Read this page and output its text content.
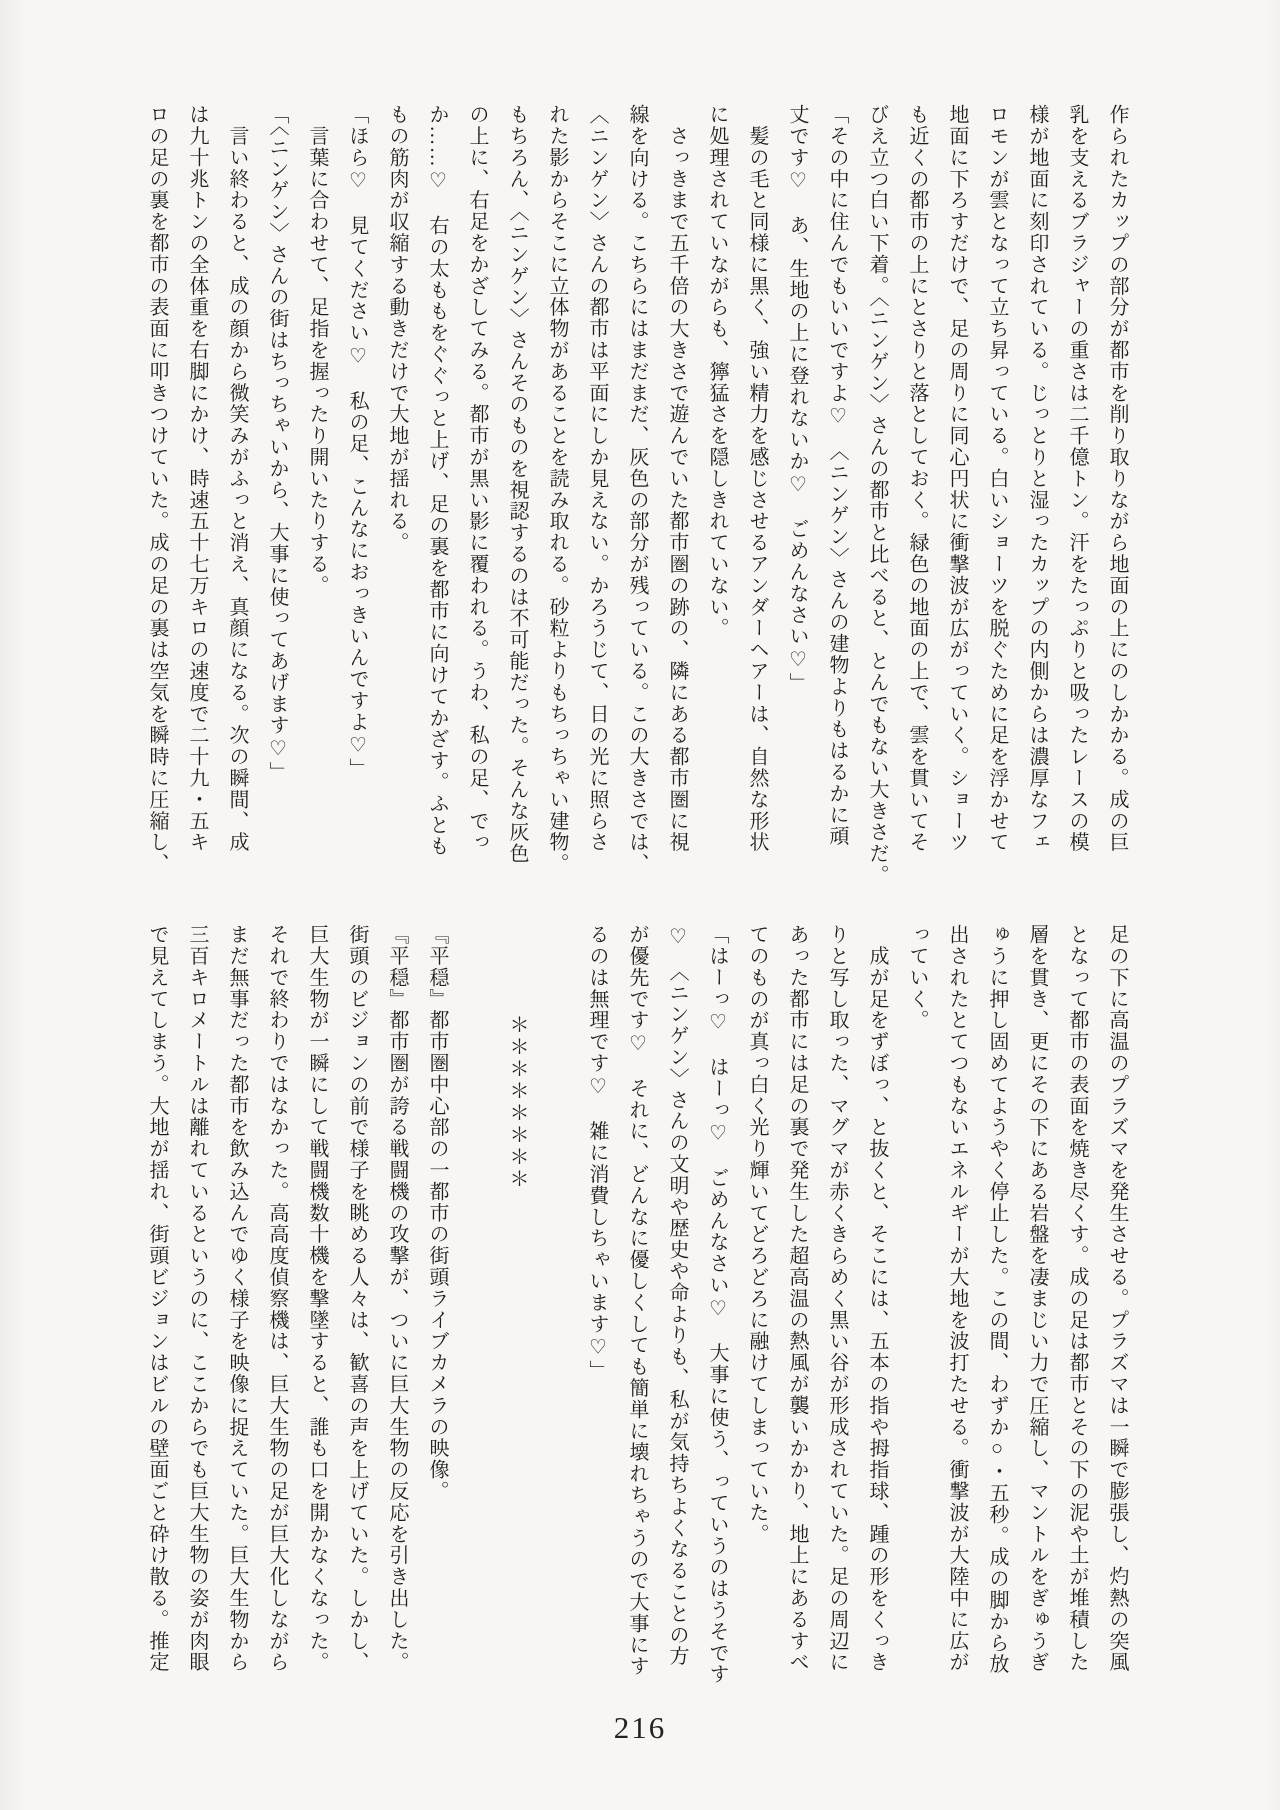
作られたカップの部分が都市を削り取りながら地面の上にのしかかる。成の巨
乳を支えるブラジャーの重さは二千億トン。汗をたっぷりと吸ったレースの模
様が地面に刻印されている。じっとりと湿ったカップの内側からは濃厚なフェ
ロモンが雲となって立ち昇っている。白いショーツを脱ぐために足を浮かせて
地面に下ろすだけで、足の周りに同心円状に衝撃波が広がっていく。ショーツ
も近くの都市の上にとさりと落としておく。緑色の地面の上で、雲を貫いてそ
びえ立つ白い下着。〈ニンゲン〉さんの都市と比べると、とんでもない大きさだ。
「その中に住んでもいいですよ♡　〈ニンゲン〉さんの建物よりもはるかに頑
丈です♡　あ、生地の上に登れないか♡　ごめんなさい♡」
　髪の毛と同様に黒く、強い精力を感じさせるアンダーヘアーは、自然な形状
に処理されていながらも、獰猛さを隠しきれていない。
　さっきまで五千倍の大きさで遊んでいた都市圏の跡の、隣にある都市圏に視
線を向ける。こちらにはまだまだ、灰色の部分が残っている。この大きさでは、
〈ニンゲン〉さんの都市は平面にしか見えない。かろうじて、日の光に照らさ
れた影からそこに立体物があることを読み取れる。砂粒よりもちっちゃい建物。
もちろん、〈ニンゲン〉さんそのものを視認するのは不可能だった。そんな灰色
の上に、右足をかざしてみる。都市が黒い影に覆われる。うわ、私の足、でっ
か……♡　右の太ももをぐぐっと上げ、足の裏を都市に向けてかざす。ふとも
もの筋肉が収縮する動きだけで大地が揺れる。
「ほら♡　見てください♡　私の足、こんなにおっきいんですよ♡」
　言葉に合わせて、足指を握ったり開いたりする。
「〈ニンゲン〉さんの街はちっちゃいから、大事に使ってあげます♡」
　言い終わると、成の顔から微笑みがふっと消え、真顔になる。次の瞬間、成
は九十兆トンの全体重を右脚にかけ、時速五十七万キロの速度で二十九・五キ
ロの足の裏を都市の表面に叩きつけていた。成の足の裏は空気を瞬時に圧縮し、
足の下に高温のプラズマを発生させる。プラズマは一瞬で膨張し、灼熱の突風
となって都市の表面を焼き尽くす。成の足は都市とその下の泥や土が堆積した
層を貫き、更にその下にある岩盤を凄まじい力で圧縮し、マントルをぎゅうぎ
ゅうに押し固めてようやく停止した。この間、わずか○・五秒。成の脚から放
出されたとてつもないエネルギーが大地を波打たせる。衝撃波が大陸中に広が
っていく。
　成が足をずぼっ、と抜くと、そこには、五本の指や拇指球、踵の形をくっき
りと写し取った、マグマが赤くきらめく黒い谷が形成されていた。足の周辺に
あった都市には足の裏で発生した超高温の熱風が襲いかかり、地上にあるすべ
てのものが真っ白く光り輝いてどろどろに融けてしまっていた。
「はーっ♡　はーっ♡　ごめんなさい♡　大事に使う、っていうのはうそです
♡　〈ニンゲン〉さんの文明や歴史や命よりも、私が気持ちよくなることの方
が優先です♡　それに、どんなに優しくしても簡単に壊れちゃうので大事にす
るのは無理です♡　雑に消費しちゃいます♡」
＊＊＊＊＊＊＊＊
『平穏』都市圏中心部の一都市の街頭ライブカメラの映像。
『平穏』都市圏が誇る戦闘機の攻撃が、ついに巨大生物の反応を引き出した。
街頭のビジョンの前で様子を眺める人々は、歓喜の声を上げていた。しかし、
巨大生物が一瞬にして戦闘機数十機を撃墜すると、誰も口を開かなくなった。
それで終わりではなかった。高高度偵察機は、巨大生物の足が巨大化しながら
まだ無事だった都市を飲み込んでゆく様子を映像に捉えていた。巨大生物から
三百キロメートルは離れているというのに、ここからでも巨大生物の姿が肉眼
で見えてしまう。大地が揺れ、街頭ビジョンはビルの壁面ごと砕け散る。推定
216
